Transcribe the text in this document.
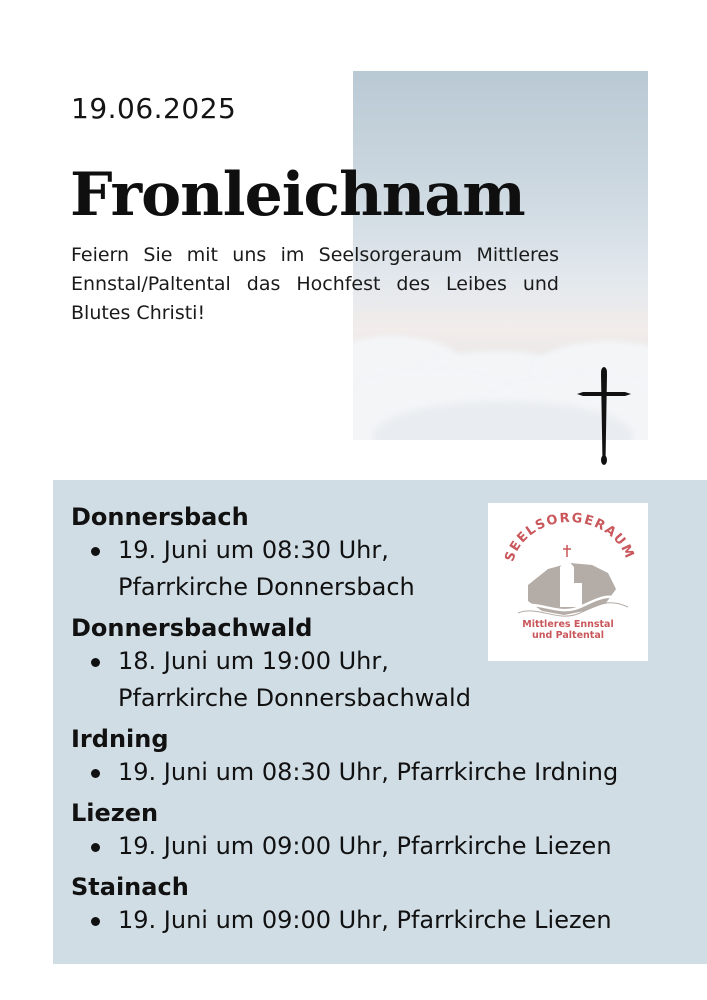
19.06.2025
Fronleichnam
Feiern Sie mit uns im Seelsorgeraum Mittleres Ennstal/Paltental das Hochfest des Leibes und Blutes Christi!
SEELSORGERAUM
Mittleres Ennstal
und Paltental
Donnersbach
19. Juni um 08:30 Uhr,
Pfarrkirche Donnersbach
Donnersbachwald
18. Juni um 19:00 Uhr,
Pfarrkirche Donnersbachwald
Irdning
19. Juni um 08:30 Uhr, Pfarrkirche Irdning
Liezen
19. Juni um 09:00 Uhr, Pfarrkirche Liezen
Stainach
19. Juni um 09:00 Uhr, Pfarrkirche Liezen
